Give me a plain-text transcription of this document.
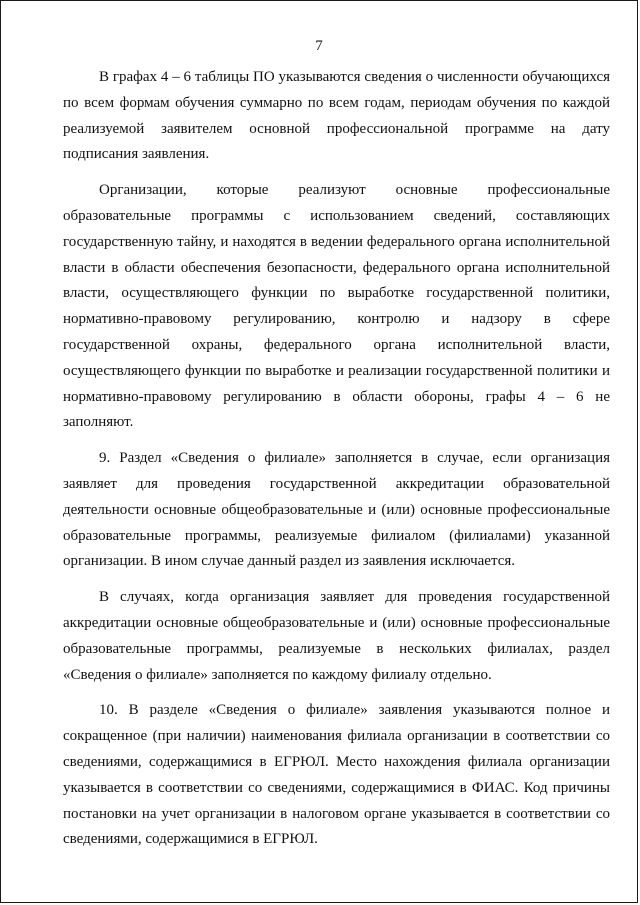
7

В графах 4 – 6 таблицы ПО указываются сведения о численности обучающихся по всем формам обучения суммарно по всем годам, периодам обучения по каждой реализуемой заявителем основной профессиональной программе на дату подписания заявления.

Организации, которые реализуют основные профессиональные образовательные программы с использованием сведений, составляющих государственную тайну, и находятся в ведении федерального органа исполнительной власти в области обеспечения безопасности, федерального органа исполнительной власти, осуществляющего функции по выработке государственной политики, нормативно-правовому регулированию, контролю и надзору в сфере государственной охраны, федерального органа исполнительной власти, осуществляющего функции по выработке и реализации государственной политики и нормативно-правовому регулированию в области обороны, графы 4 – 6 не заполняют.

9. Раздел «Сведения о филиале» заполняется в случае, если организация заявляет для проведения государственной аккредитации образовательной деятельности основные общеобразовательные и (или) основные профессиональные образовательные программы, реализуемые филиалом (филиалами) указанной организации. В ином случае данный раздел из заявления исключается.

В случаях, когда организация заявляет для проведения государственной аккредитации основные общеобразовательные и (или) основные профессиональные образовательные программы, реализуемые в нескольких филиалах, раздел «Сведения о филиале» заполняется по каждому филиалу отдельно.

10. В разделе «Сведения о филиале» заявления указываются полное и сокращенное (при наличии) наименования филиала организации в соответствии со сведениями, содержащимися в ЕГРЮЛ. Место нахождения филиала организации указывается в соответствии со сведениями, содержащимися в ФИАС. Код причины постановки на учет организации в налоговом органе указывается в соответствии со сведениями, содержащимися в ЕГРЮЛ.
